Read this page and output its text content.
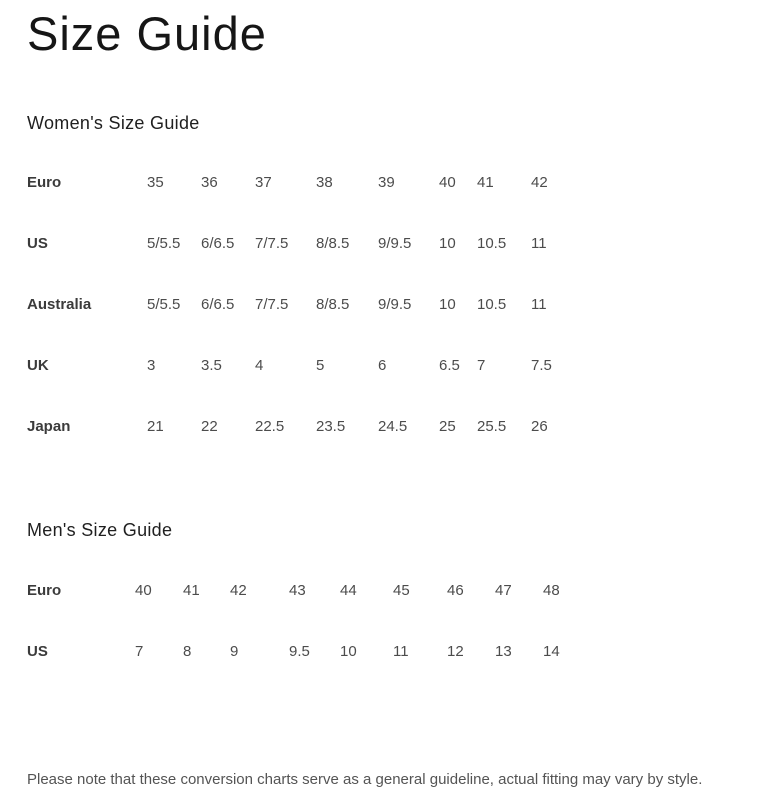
Size Guide
Women's Size Guide
Euro	35	36	37	38	39	40	41	42
US	5/5.5	6/6.5	7/7.5	8/8.5	9/9.5	10	10.5	11
Australia	5/5.5	6/6.5	7/7.5	8/8.5	9/9.5	10	10.5	11
UK	3	3.5	4	5	6	6.5	7	7.5
Japan	21	22	22.5	23.5	24.5	25	25.5	26
Men's Size Guide
Euro	40	41	42	43	44	45	46	47	48
US	7	8	9	9.5	10	11	12	13	14

Please note that these conversion charts serve as a general guideline, actual fitting may vary by style.
